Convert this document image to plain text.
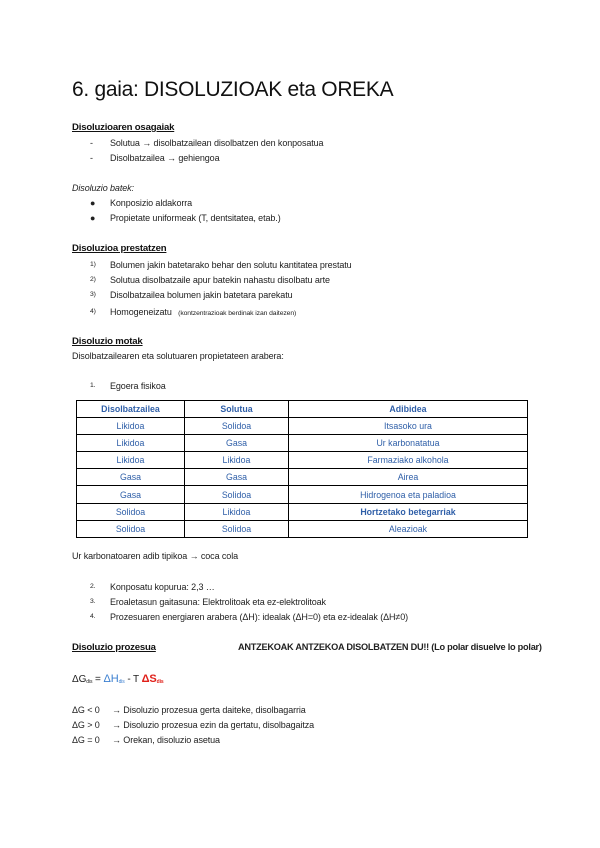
6. gaia: DISOLUZIOAK eta OREKA
Disoluzioaren osagaiak
- Solutua → disolbatzailean disolbatzen den konposatua
- Disolbatzailea → gehiengoa
Disoluzio batek:
● Konposizio aldakorra
● Propietate uniformeak (T, dentsitatea, etab.)
Disoluzioa prestatzen
1) Bolumen jakin batetarako behar den solutu kantitatea prestatu
2) Solutua disolbatzaile apur batekin nahastu disolbatu arte
3) Disolbatzailea bolumen jakin batetara parekatu
4) Homogeneizatu (kontzentrazioak berdinak izan daitezen)
Disoluzio motak
Disolbatzailearen eta solutuaren propietateen arabera:
1. Egoera fisikoa
Disolbatzailea	Solutua	Adibidea
Likidoa	Solidoa	Itsasoko ura
Likidoa	Gasa	Ur karbonatatua
Likidoa	Likidoa	Farmaziako alkohola
Gasa	Gasa	Airea
Gasa	Solidoa	Hidrogenoa eta paladioa
Solidoa	Likidoa	Hortzetako betegarriak
Solidoa	Solidoa	Aleazioak
Ur karbonatoaren adib tipikoa → coca cola
2. Konposatu kopurua: 2,3 …
3. Eroaletasun gaitasuna: Elektrolitoak eta ez-elektrolitoak
4. Prozesuaren energiaren arabera (ΔH): idealak (ΔH=0) eta ez-idealak (ΔH≠0)
Disoluzio prozesua	ANTZEKOAK ANTZEKOA DISOLBATZEN DU!! (Lo polar disuelve lo polar)
$\Delta G_{dis} = \Delta H_{dis} - T$ $\Delta S_{dis}$
ΔG < 0 → Disoluzio prozesua gerta daiteke, disolbagarria
ΔG > 0 → Disoluzio prozesua ezin da gertatu, disolbagaitza
ΔG = 0 → Orekan, disoluzio asetua
